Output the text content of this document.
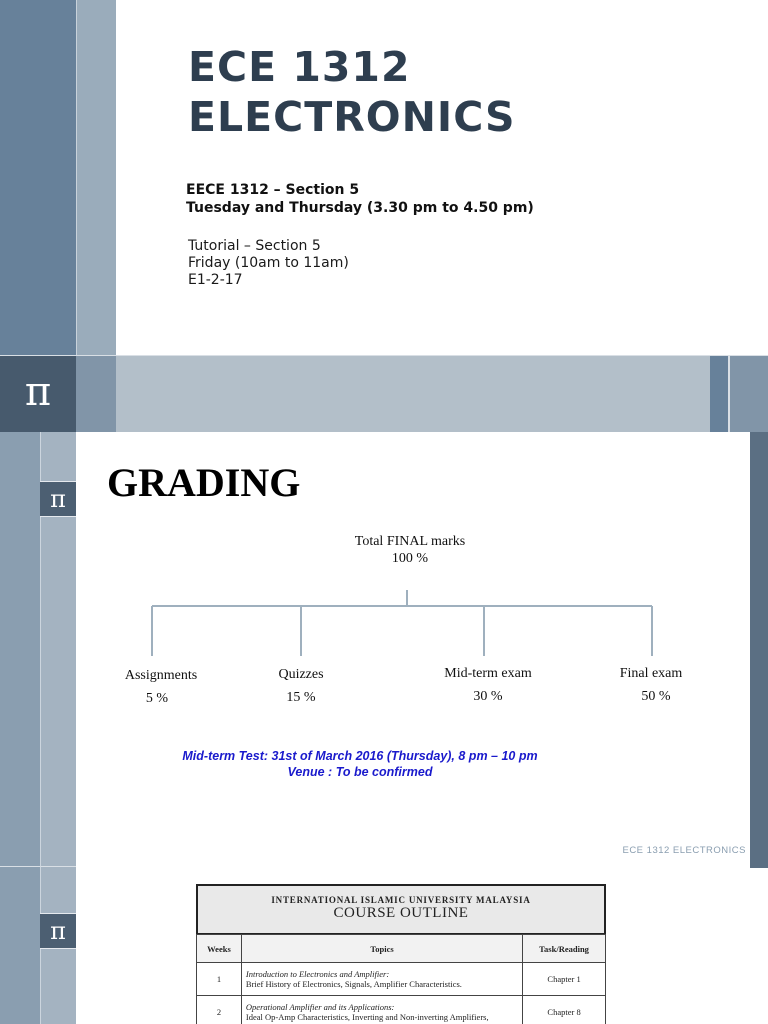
ECE 1312
ELECTRONICS
EECE 1312 – Section 5
Tuesday and Thursday (3.30 pm to 4.50 pm)
Tutorial – Section 5
Friday (10am to 11am)
E1-2-17
π
π GRADING
Total FINAL marks
100 %
Assignments
5 %
Quizzes
15 %
Mid-term exam
30 %
Final exam
50 %
Mid-term Test: 31st of March 2016 (Thursday), 8 pm – 10 pm
Venue : To be confirmed
ECE 1312 ELECTRONICS
π
INTERNATIONAL ISLAMIC UNIVERSITY MALAYSIA
COURSE OUTLINE
Weeks	Topics	Task/Reading
1	Introduction to Electronics and Amplifier:
Brief History of Electronics, Signals, Amplifier Characteristics.	Chapter 1
2	Operational Amplifier and its Applications:
Ideal Op-Amp Characteristics, Inverting and Non-inverting Amplifiers,	Chapter 8
